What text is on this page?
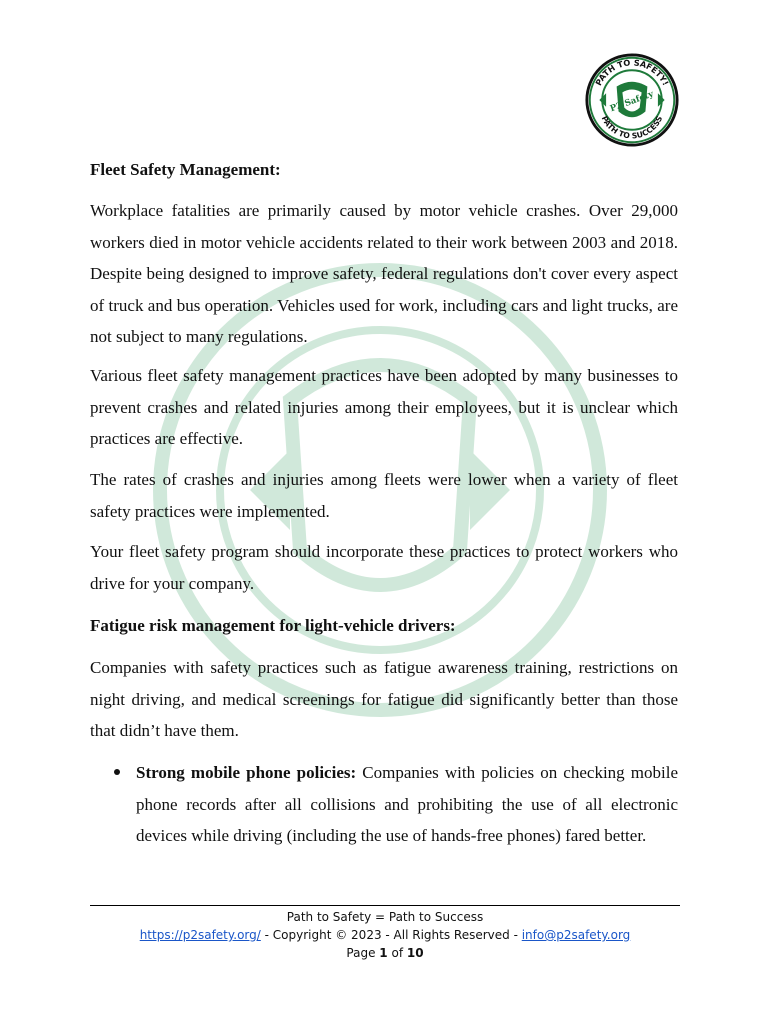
PATH TO SAFETY!
PATH TO SUCCESS
P2 Safety
Fleet Safety Management:

Workplace fatalities are primarily caused by motor vehicle crashes. Over 29,000 workers died in motor vehicle accidents related to their work between 2003 and 2018. Despite being designed to improve safety, federal regulations don't cover every aspect of truck and bus operation. Vehicles used for work, including cars and light trucks, are not subject to many regulations.

Various fleet safety management practices have been adopted by many businesses to prevent crashes and related injuries among their employees, but it is unclear which practices are effective.

The rates of crashes and injuries among fleets were lower when a variety of fleet safety practices were implemented.

Your fleet safety program should incorporate these practices to protect workers who drive for your company.

Fatigue risk management for light-vehicle drivers:

Companies with safety practices such as fatigue awareness training, restrictions on night driving, and medical screenings for fatigue did significantly better than those that didn’t have them.

Strong mobile phone policies: Companies with policies on checking mobile phone records after all collisions and prohibiting the use of all electronic devices while driving (including the use of hands-free phones) fared better.
Path to Safety = Path to Success
https://p2safety.org/ - Copyright © 2023 - All Rights Reserved - info@p2safety.org
Page 1 of 10
